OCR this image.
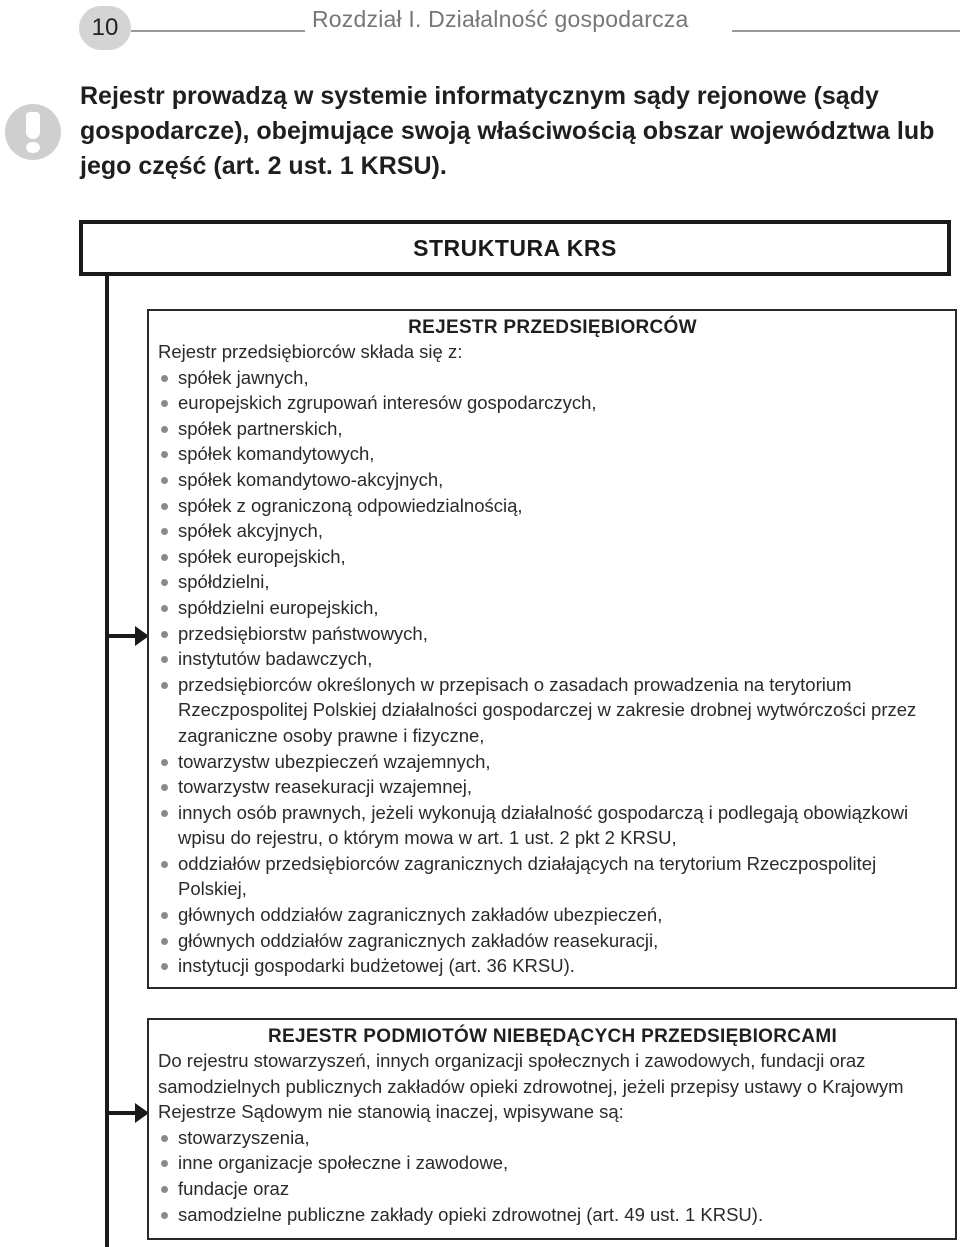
10	Rozdział I. Działalność gospodarcza
Rejestr prowadzą w systemie informatycznym sądy rejonowe (sądy gospodarcze), obejmujące swoją właściwością obszar województwa lub jego część (art. 2 ust. 1 KRSU).
STRUKTURA KRS
REJESTR PRZEDSIĘBIORCÓW
Rejestr przedsiębiorców składa się z:
spółek jawnych,
europejskich zgrupowań interesów gospodarczych,
spółek partnerskich,
spółek komandytowych,
spółek komandytowo-akcyjnych,
spółek z ograniczoną odpowiedzialnością,
spółek akcyjnych,
spółek europejskich,
spółdzielni,
spółdzielni europejskich,
przedsiębiorstw państwowych,
instytutów badawczych,
przedsiębiorców określonych w przepisach o zasadach prowadzenia na terytorium Rzeczpospolitej Polskiej działalności gospodarczej w zakresie drobnej wytwórczości przez zagraniczne osoby prawne i fizyczne,
towarzystw ubezpieczeń wzajemnych,
towarzystw reasekuracji wzajemnej,
innych osób prawnych, jeżeli wykonują działalność gospodarczą i podlegają obowiązkowi wpisu do rejestru, o którym mowa w art. 1 ust. 2 pkt 2 KRSU,
oddziałów przedsiębiorców zagranicznych działających na terytorium Rzeczpospolitej Polskiej,
głównych oddziałów zagranicznych zakładów ubezpieczeń,
głównych oddziałów zagranicznych zakładów reasekuracji,
instytucji gospodarki budżetowej (art. 36 KRSU).
REJESTR PODMIOTÓW NIEBĘDĄCYCH PRZEDSIĘBIORCAMI
Do rejestru stowarzyszeń, innych organizacji społecznych i zawodowych, fundacji oraz samodzielnych publicznych zakładów opieki zdrowotnej, jeżeli przepisy ustawy o Krajowym Rejestrze Sądowym nie stanowią inaczej, wpisywane są:
stowarzyszenia,
inne organizacje społeczne i zawodowe,
fundacje oraz
samodzielne publiczne zakłady opieki zdrowotnej (art. 49 ust. 1 KRSU).
